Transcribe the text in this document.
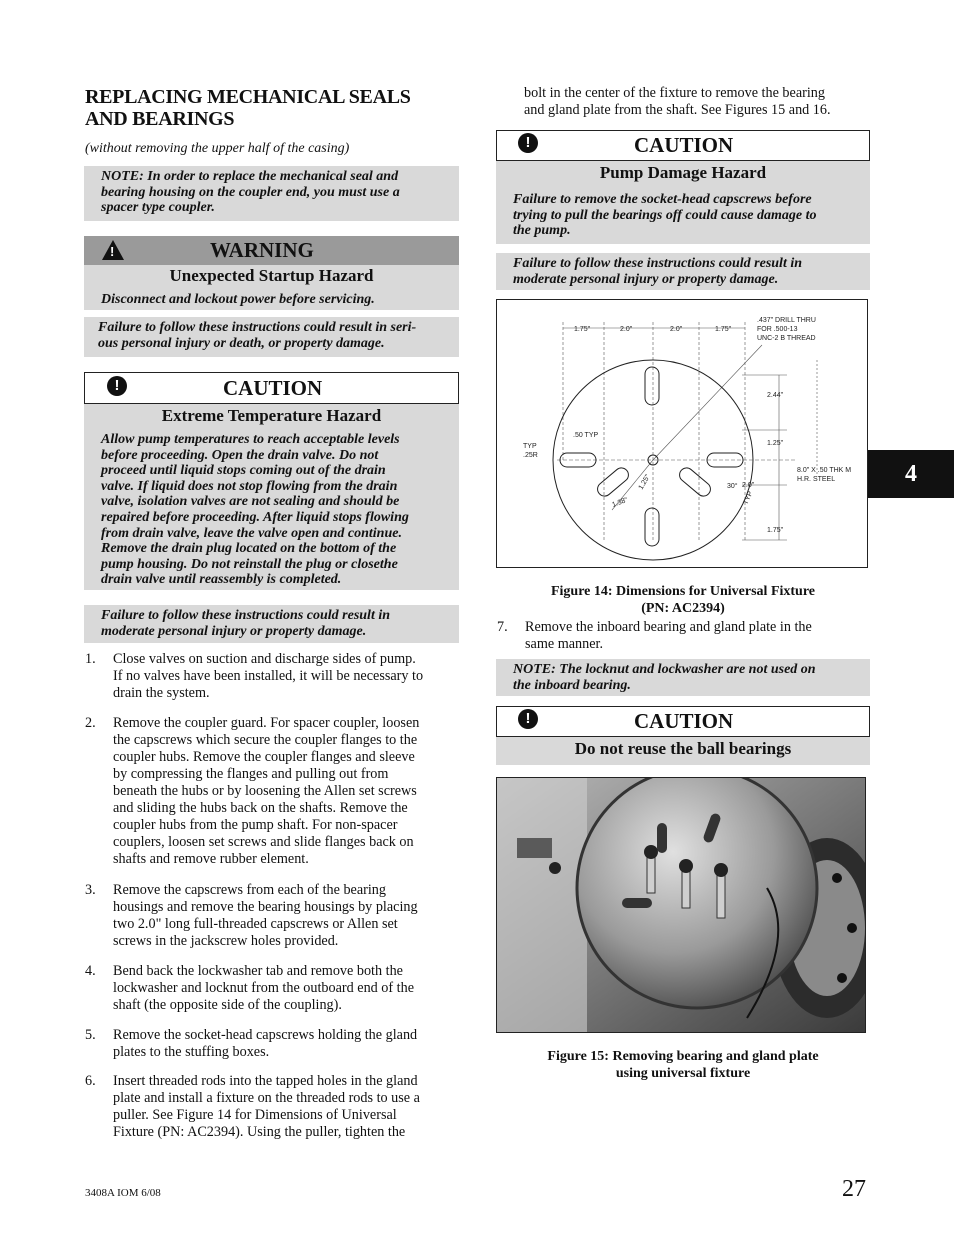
REPLACING MECHANICAL SEALS
AND BEARINGS
(without removing the upper half of the casing)
NOTE: In order to replace the mechanical seal and
bearing housing on the coupler end, you must use a
spacer type coupler.
!	WARNING
Unexpected Startup Hazard
Disconnect and lockout power before servicing.
Failure to follow these instructions could result in seri-
ous personal injury or death, or property damage.
!	CAUTION
Extreme Temperature Hazard
Allow pump temperatures to reach acceptable levels
before proceeding. Open the drain valve. Do not
proceed until liquid stops coming out of the drain
valve. If liquid does not stop flowing from the drain
valve, isolation valves are not sealing and should be
repaired before proceeding. After liquid stops flowing
from drain valve, leave the valve open and continue.
Remove the drain plug located on the bottom of the
pump housing. Do not reinstall the plug or closethe
drain valve until reassembly is completed.
Failure to follow these instructions could result in
moderate personal injury or property damage.
1. Close valves on suction and discharge sides of pump.
If no valves have been installed, it will be necessary to
drain the system.
2. Remove the coupler guard. For spacer coupler, loosen
the capscrews which secure the coupler flanges to the
coupler hubs. Remove the coupler flanges and sleeve
by compressing the flanges and pulling out from
beneath the hubs or by loosening the Allen set screws
and sliding the hubs back on the shafts. Remove the
coupler hubs from the pump shaft. For non-spacer
couplers, loosen set screws and slide flanges back on
shafts and remove rubber element.
3. Remove the capscrews from each of the bearing
housings and remove the bearing housings by placing
two 2.0" long full-threaded capscrews or Allen set
screws in the jackscrew holes provided.
4. Bend back the lockwasher tab and remove both the
lockwasher and locknut from the outboard end of the
shaft (the opposite side of the coupling).
5. Remove the socket-head capscrews holding the gland
plates to the stuffing boxes.
6. Insert threaded rods into the tapped holes in the gland
plate and install a fixture on the threaded rods to use a
puller. See Figure 14 for Dimensions of Universal
Fixture (PN: AC2394). Using the puller, tighten the
bolt in the center of the fixture to remove the bearing
and gland plate from the shaft. See Figures 15 and 16.
!	CAUTION
Pump Damage Hazard
Failure to remove the socket-head capscrews before
trying to pull the bearings off could cause damage to
the pump.
Failure to follow these instructions could result in
moderate personal injury or property damage.
1.75"	2.0"	2.0"	1.75"
.437" DRILL THRU
FOR .500-13
UNC-2 B THREAD
2.44"
1.25"
2.0"
1.75"
TYP
.25R
.50 TYP
1.38"
1.25"	30°
TYP
8.0" X .50 THK M
H.R. STEEL
Figure 14: Dimensions for Universal Fixture
(PN: AC2394)
7. Remove the inboard bearing and gland plate in the
same manner.
NOTE: The locknut and lockwasher are not used on
the inboard bearing.
!	CAUTION
Do not reuse the ball bearings
Figure 15: Removing bearing and gland plate
using universal fixture
4
3408A IOM 6/08	27
